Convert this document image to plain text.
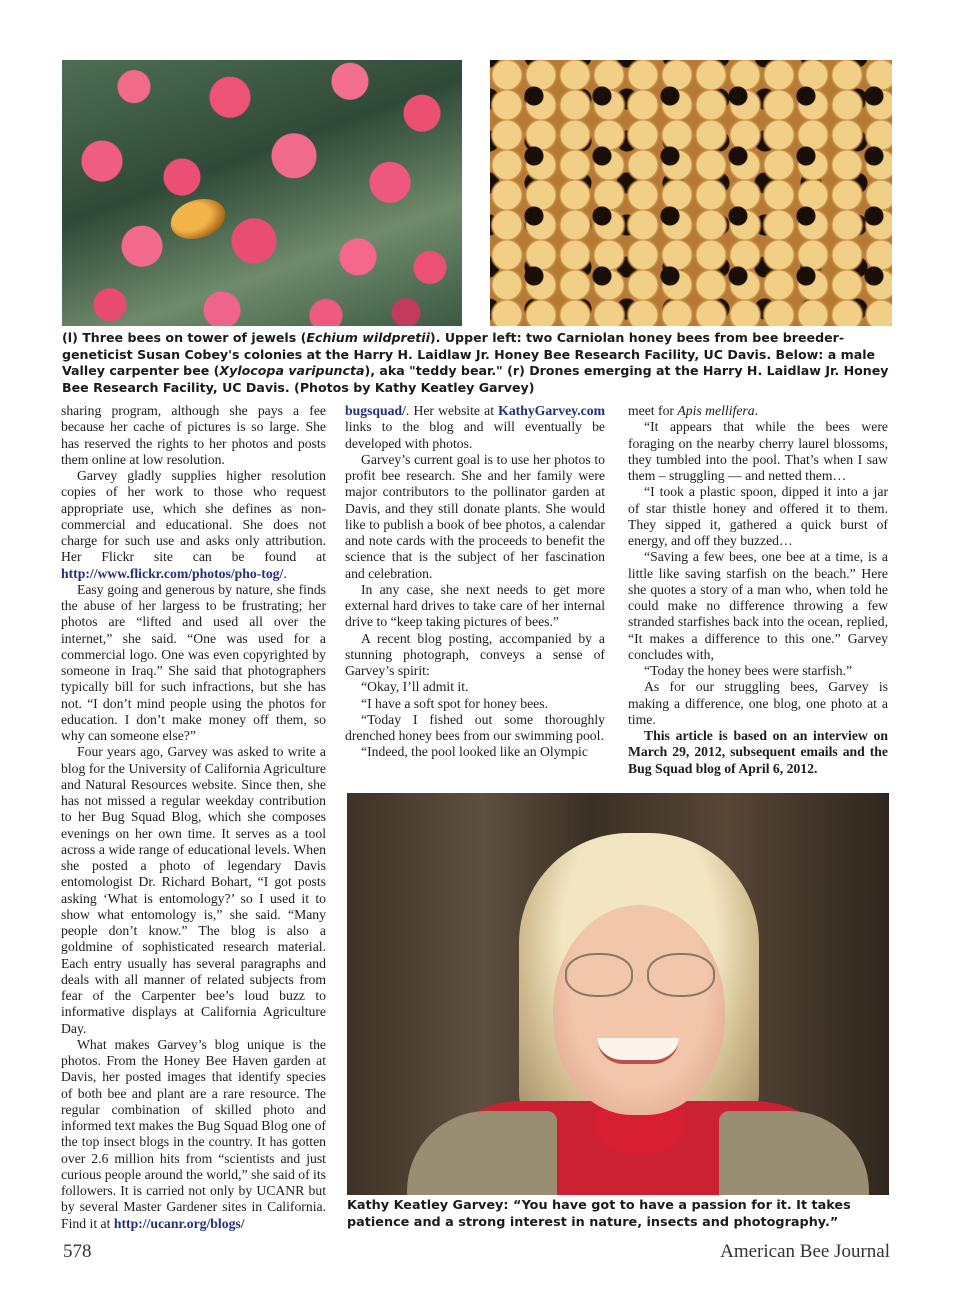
(l) Three bees on tower of jewels (Echium wildpretii). Upper left: two Carniolan honey bees from bee breeder-geneticist Susan Cobey's colonies at the Harry H. Laidlaw Jr. Honey Bee Research Facility, UC Davis. Below: a male Valley carpenter bee (Xylocopa varipuncta), aka "teddy bear." (r) Drones emerging at the Harry H. Laidlaw Jr. Honey Bee Research Facility, UC Davis. (Photos by Kathy Keatley Garvey)

sharing program, although she pays a fee because her cache of pictures is so large. She has reserved the rights to her photos and posts them online at low resolution.

Garvey gladly supplies higher resolution copies of her work to those who request appropriate use, which she defines as non-commercial and educational. She does not charge for such use and asks only attribution. Her Flickr site can be found at http://www.flickr.com/photos/pho-tog/.

Easy going and generous by nature, she finds the abuse of her largess to be frustrating; her photos are “lifted and used all over the internet,” she said. “One was used for a commercial logo. One was even copyrighted by someone in Iraq.” She said that photographers typically bill for such infractions, but she has not. “I don’t mind people using the photos for education. I don’t make money off them, so why can someone else?”

Four years ago, Garvey was asked to write a blog for the University of California Agriculture and Natural Resources website. Since then, she has not missed a regular weekday contribution to her Bug Squad Blog, which she composes evenings on her own time. It serves as a tool across a wide range of educational levels. When she posted a photo of legendary Davis entomologist Dr. Richard Bohart, “I got posts asking ‘What is entomology?’ so I used it to show what entomology is,” she said. “Many people don’t know.” The blog is also a goldmine of sophisticated research material. Each entry usually has several paragraphs and deals with all manner of related subjects from fear of the Carpenter bee’s loud buzz to informative displays at California Agriculture Day.

What makes Garvey’s blog unique is the photos. From the Honey Bee Haven garden at Davis, her posted images that identify species of both bee and plant are a rare resource. The regular combination of skilled photo and informed text makes the Bug Squad Blog one of the top insect blogs in the country. It has gotten over 2.6 million hits from “scientists and just curious people around the world,” she said of its followers. It is carried not only by UCANR but by several Master Gardener sites in California. Find it at http://ucanr.org/blogs/

bugsquad/. Her website at KathyGarvey.com links to the blog and will eventually be developed with photos.

Garvey’s current goal is to use her photos to profit bee research. She and her family were major contributors to the pollinator garden at Davis, and they still donate plants. She would like to publish a book of bee photos, a calendar and note cards with the proceeds to benefit the science that is the subject of her fascination and celebration.

In any case, she next needs to get more external hard drives to take care of her internal drive to “keep taking pictures of bees.”

A recent blog posting, accompanied by a stunning photograph, conveys a sense of Garvey’s spirit:

“Okay, I’ll admit it.

“I have a soft spot for honey bees.

“Today I fished out some thoroughly drenched honey bees from our swimming pool.

“Indeed, the pool looked like an Olympic

meet for Apis mellifera.

“It appears that while the bees were foraging on the nearby cherry laurel blossoms, they tumbled into the pool. That’s when I saw them – struggling — and netted them…

“I took a plastic spoon, dipped it into a jar of star thistle honey and offered it to them. They sipped it, gathered a quick burst of energy, and off they buzzed…

“Saving a few bees, one bee at a time, is a little like saving starfish on the beach.” Here she quotes a story of a man who, when told he could make no difference throwing a few stranded starfishes back into the ocean, replied, “It makes a difference to this one.” Garvey concludes with,

“Today the honey bees were starfish.”

As for our struggling bees, Garvey is making a difference, one blog, one photo at a time.

This article is based on an interview on March 29, 2012, subsequent emails and the Bug Squad blog of April 6, 2012.

Kathy Keatley Garvey: “You have got to have a passion for it. It takes patience and a strong interest in nature, insects and photography.”

578	American Bee Journal
